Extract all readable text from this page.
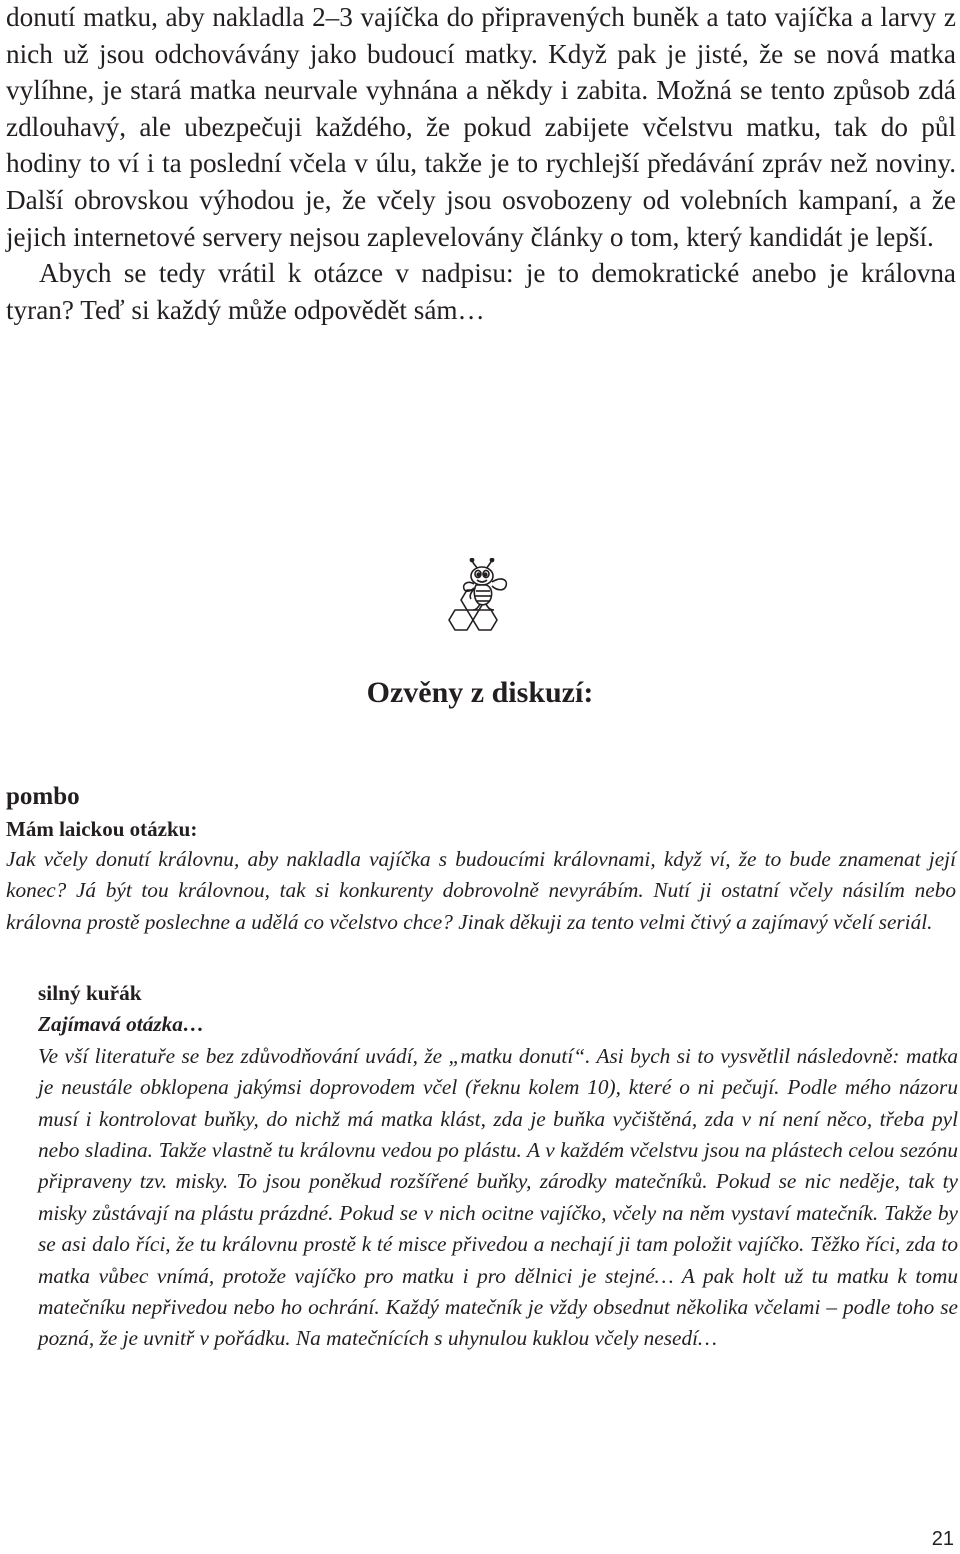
donutí matku, aby nakladla 2–3 vajíčka do připravených buněk a tato vajíčka a larvy z nich už jsou odchovávány jako budoucí matky. Když pak je jisté, že se nová matka vylíhne, je stará matka neurvale vyhnána a někdy i zabita. Možná se tento způsob zdá zdlouhavý, ale ubezpečuji každého, že pokud zabijete včelstvu matku, tak do půl hodiny to ví i ta poslední včela v úlu, takže je to rychlejší předávání zpráv než noviny. Další obrovskou výhodou je, že včely jsou osvobozeny od volebních kampaní, a že jejich internetové servery nejsou zaplevelovány články o tom, který kandidát je lepší.

Abych se tedy vrátil k otázce v nadpisu: je to demokratické anebo je královna tyran? Teď si každý může odpovědět sám…

Ozvěny z diskuzí:
pombo
Mám laickou otázku:
Jak včely donutí královnu, aby nakladla vajíčka s budoucími královnami, když ví, že to bude znamenat její konec? Já být tou královnou, tak si konkurenty dobrovolně nevyrábím. Nutí ji ostatní včely násilím nebo královna prostě poslechne a udělá co včelstvo chce? Jinak děkuji za tento velmi čtivý a zajímavý včelí seriál.
silný kuřák
Zajímavá otázka…
Ve vší literatuře se bez zdůvodňování uvádí, že „matku donutí“. Asi bych si to vysvětlil následovně: matka je neustále obklopena jakýmsi doprovodem včel (řeknu kolem 10), které o ni pečují. Podle mého názoru musí i kontrolovat buňky, do nichž má matka klást, zda je buňka vyčištěná, zda v ní není něco, třeba pyl nebo sladina. Takže vlastně tu královnu vedou po plástu. A v každém včelstvu jsou na plástech celou sezónu připraveny tzv. misky. To jsou poněkud rozšířené buňky, zárodky matečníků. Pokud se nic neděje, tak ty misky zůstávají na plástu prázdné. Pokud se v nich ocitne vajíčko, včely na něm vystaví matečník. Takže by se asi dalo říci, že tu královnu prostě k té misce přivedou a nechají ji tam položit vajíčko. Těžko říci, zda to matka vůbec vnímá, protože vajíčko pro matku i pro dělnici je stejné… A pak holt už tu matku k tomu matečníku nepřivedou nebo ho ochrání. Každý matečník je vždy obsednut několika včelami – podle toho se pozná, že je uvnitř v pořádku. Na matečnících s uhynulou kuklou včely nesedí…
21
